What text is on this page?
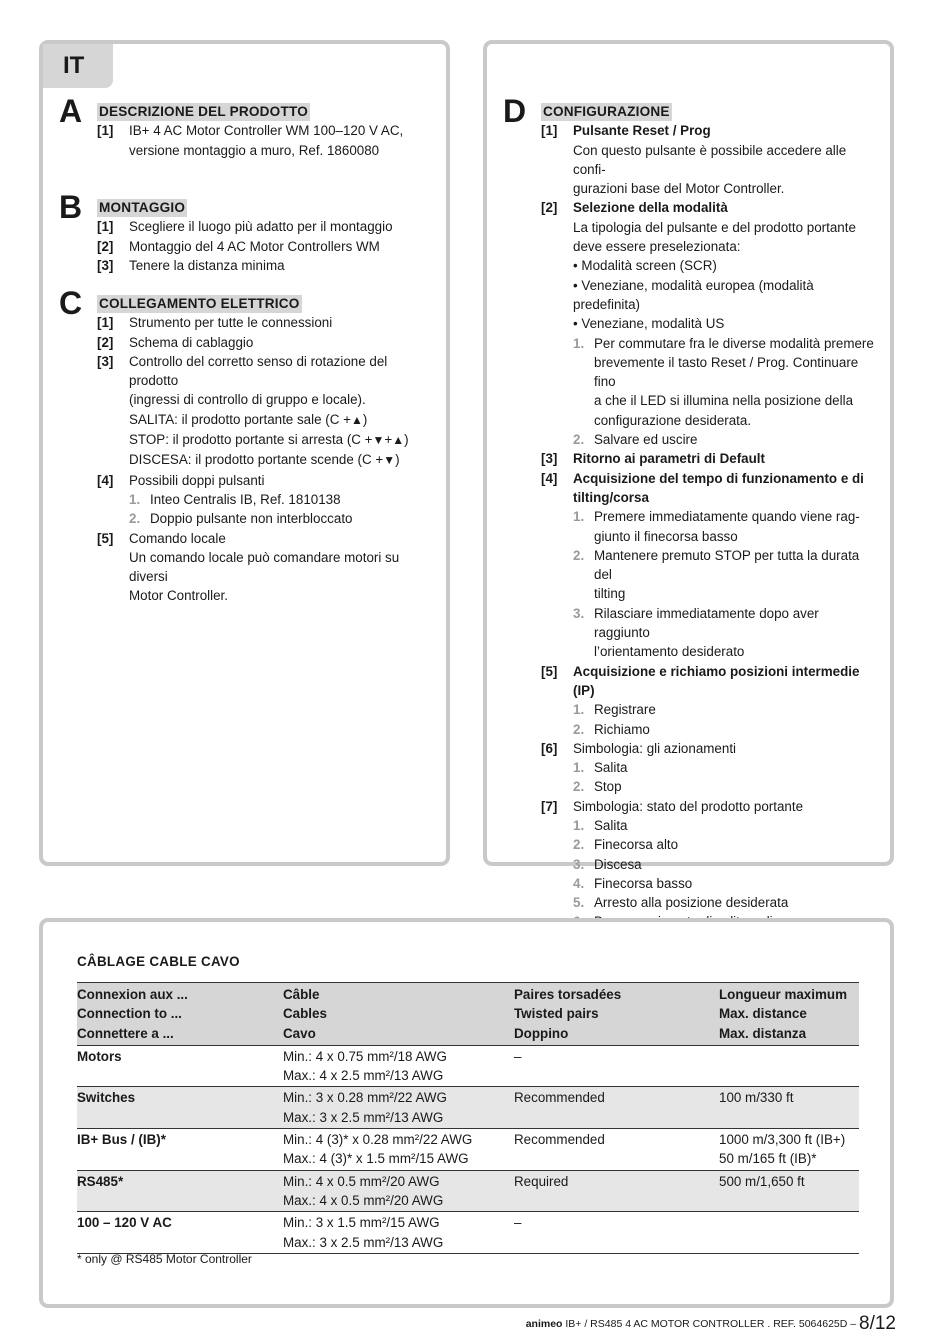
IT
A DESCRIZIONE DEL PRODOTTO
[1]	IB+ 4 AC Motor Controller WM 100–120 V AC,
versione montaggio a muro, Ref. 1860080
B MONTAGGIO
[1]	Scegliere il luogo più adatto per il montaggio
[2]	Montaggio del 4 AC Motor Controllers WM
[3]	Tenere la distanza minima
C COLLEGAMENTO ELETTRICO
[1]	Strumento per tutte le connessioni
[2]	Schema di cablaggio
[3]	Controllo del corretto senso di rotazione del prodotto
(ingressi di controllo di gruppo e locale).
SALITA: il prodotto portante sale (C +▲)
STOP: il prodotto portante si arresta (C +▼+▲)
DISCESA: il prodotto portante scende (C +▼)
[4]	Possibili doppi pulsanti
1. Inteo Centralis IB, Ref. 1810138
2. Doppio pulsante non interbloccato
[5]	Comando locale
Un comando locale può comandare motori su diversi
Motor Controller.
D CONFIGURAZIONE
[1]	Pulsante Reset / Prog
Con questo pulsante è possibile accedere alle confi-
gurazioni base del Motor Controller.
[2]	Selezione della modalità
La tipologia del pulsante e del prodotto portante
deve essere preselezionata:
• Modalità screen (SCR)
• Veneziane, modalità europea (modalità predefinita)
• Veneziane, modalità US
1. Per commutare fra le diverse modalità premere
brevemente il tasto Reset / Prog. Continuare fino
a che il LED si illumina nella posizione della
configurazione desiderata.
2. Salvare ed uscire
[3]	Ritorno ai parametri di Default
[4]	Acquisizione del tempo di funzionamento e di
tilting/corsa
1. Premere immediatamente quando viene rag-
giunto il finecorsa basso
2. Mantenere premuto STOP per tutta la durata del
tilting
3. Rilasciare immediatamente dopo aver raggiunto
l’orientamento desiderato
[5]	Acquisizione e richiamo posizioni intermedie (IP)
1. Registrare
2. Richiamo
[6]	Simbologia: gli azionamenti
1. Salita
2. Stop
[7]	Simbologia: stato del prodotto portante
1. Salita
2. Finecorsa alto
3. Discesa
4. Finecorsa basso
5. Arresto alla posizione desiderata
CÂBLAGE CABLE CAVO
Connexion aux ...
Connection to ...
Connettere a ...	Câble
Cables
Cavo	Paires torsadées
Twisted pairs
Doppino	Longueur maximum
Max. distance
Max. distanza

Motors	Min.: 4 x 0.75 mm²/18 AWG
Max.: 4 x 2.5 mm²/13 AWG	–	

Switches	Min.: 3 x 0.28 mm²/22 AWG
Max.: 3 x 2.5 mm²/13 AWG	Recommended	100 m/330 ft

IB+ Bus / (IB)*	Min.: 4 (3)* x 0.28 mm²/22 AWG
Max.: 4 (3)* x 1.5 mm²/15 AWG	Recommended	1000 m/3,300 ft (IB+)
50 m/165 ft (IB)*

RS485*	Min.: 4 x 0.5 mm²/20 AWG
Max.: 4 x 0.5 mm²/20 AWG	Required	500 m/1,650 ft

100 – 120 V AC	Min.: 3 x 1.5 mm²/15 AWG
Max.: 3 x 2.5 mm²/13 AWG	–	

* only @ RS485 Motor Controller
animeo IB+ / RS485 4 AC MOTOR CONTROLLER . REF. 5064625D – 8/12
